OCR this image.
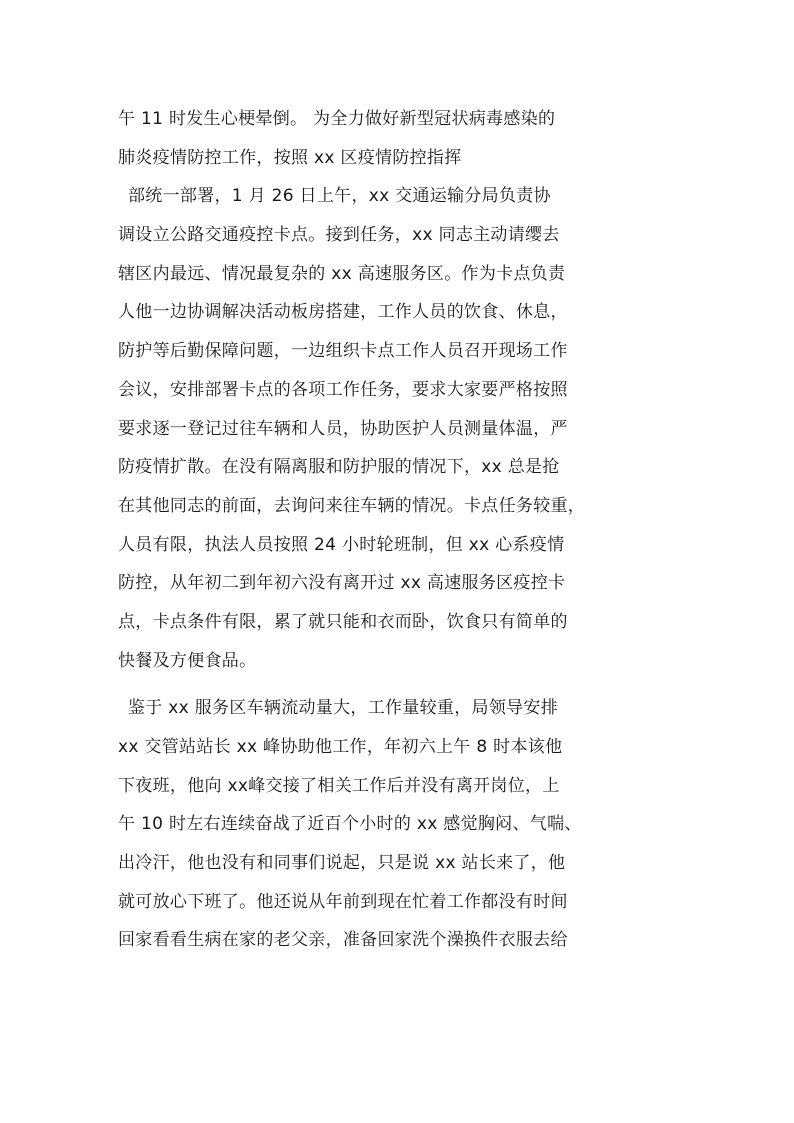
午 11 时发生心梗晕倒。 为全力做好新型冠状病毒感染的
肺炎疫情防控工作，按照 xx 区疫情防控指挥
部统一部署，1 月 26 日上午，xx 交通运输分局负责协
调设立公路交通疫控卡点。接到任务，xx 同志主动请缨去
辖区内最远、情况最复杂的 xx 高速服务区。作为卡点负责
人他一边协调解决活动板房搭建，工作人员的饮食、休息，
防护等后勤保障问题，一边组织卡点工作人员召开现场工作
会议，安排部署卡点的各项工作任务，要求大家要严格按照
要求逐一登记过往车辆和人员，协助医护人员测量体温，严
防疫情扩散。在没有隔离服和防护服的情况下，xx 总是抢
在其他同志的前面，去询问来往车辆的情况。卡点任务较重，
人员有限，执法人员按照 24 小时轮班制，但 xx 心系疫情
防控，从年初二到年初六没有离开过 xx 高速服务区疫控卡
点，卡点条件有限，累了就只能和衣而卧，饮食只有简单的
快餐及方便食品。
鉴于 xx 服务区车辆流动量大，工作量较重，局领导安排
xx 交管站站长 xx 峰协助他工作，年初六上午 8 时本该他
下夜班，他向 xx峰交接了相关工作后并没有离开岗位，上
午 10 时左右连续奋战了近百个小时的 xx 感觉胸闷、气喘、
出冷汗，他也没有和同事们说起，只是说 xx 站长来了，他
就可放心下班了。他还说从年前到现在忙着工作都没有时间
回家看看生病在家的老父亲，准备回家洗个澡换件衣服去给
